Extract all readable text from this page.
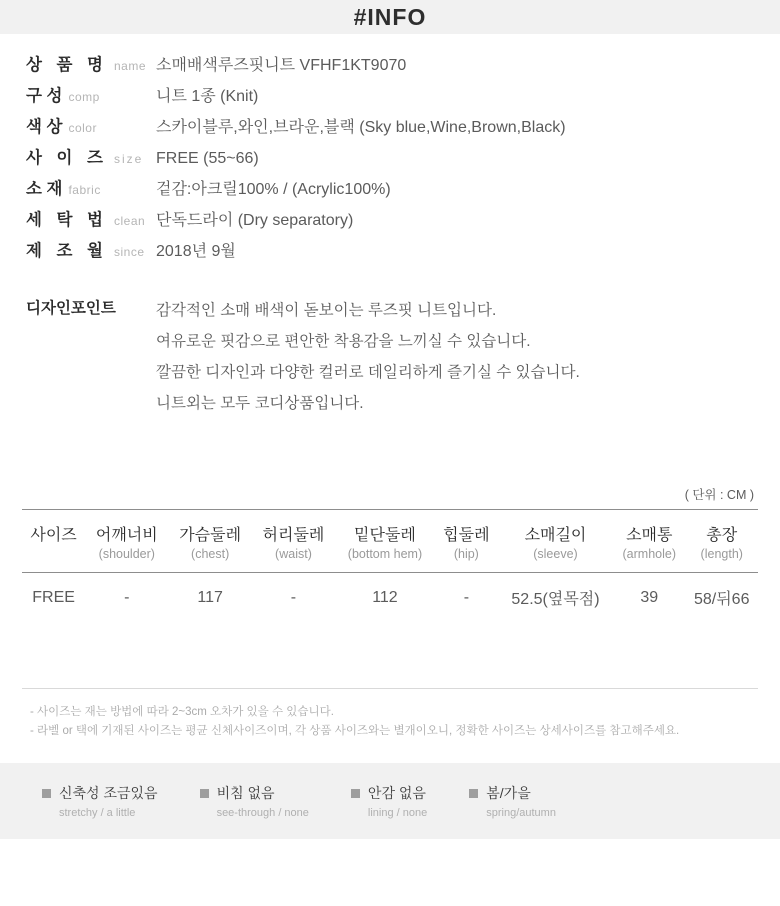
#INFO
상 품 명 name 소매배색루즈핏니트 VFHF1KT9070
구 성 comp	니트 1종 (Knit)
색 상 color	스카이블루,와인,브라운,블랙 (Sky blue,Wine,Brown,Black)
사 이 즈 size FREE (55~66)
소 재 fabric	겉감:아크릴100% / (Acrylic100%)
세 탁 법 clean 단독드라이 (Dry separatory)
제 조 월 since 2018년 9월
디자인포인트	감각적인 소매 배색이 돋보이는 루즈핏 니트입니다.
여유로운 핏감으로 편안한 착용감을 느끼실 수 있습니다.
깔끔한 디자인과 다양한 컬러로 데일리하게 즐기실 수 있습니다.
니트외는 모두 코디상품입니다.
( 단위 : CM )
사이즈	어깨너비	가슴둘레	허리둘레	밑단둘레	힙둘레	소매길이	소매통	총장
	(shoulder)	(chest)	(waist)	(bottom hem)	(hip)	(sleeve)	(armhole)	(length)
FREE	-	117	-	112	-	52.5(옆목점)	39	58/뒤66
- 사이즈는 재는 방법에 따라 2~3cm 오차가 있을 수 있습니다.
- 라벨 or 택에 기재된 사이즈는 평균 신체사이즈이며, 각 상품 사이즈와는 별개이오니, 정확한 사이즈는 상세사이즈를 참고해주세요.
신축성 조금있음
stretchy / a little
비침 없음
see-through / none
안감 없음
lining / none
봄/가을
spring/autumn
